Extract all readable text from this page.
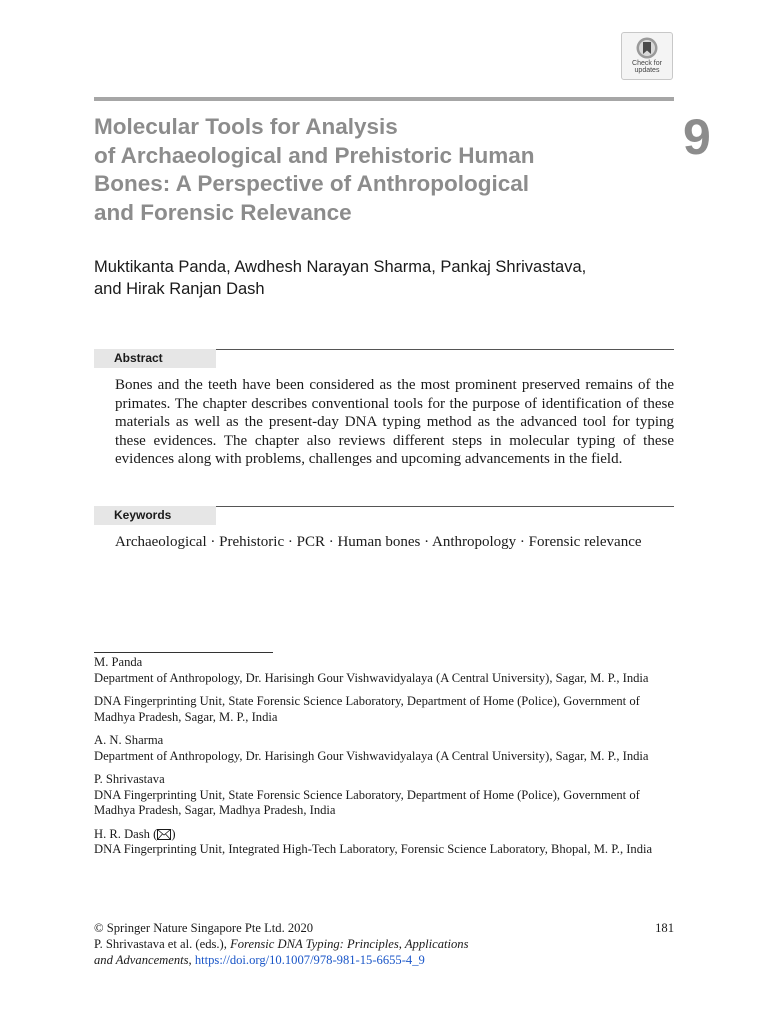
Check for
updates
Molecular Tools for Analysis
of Archaeological and Prehistoric Human
Bones: A Perspective of Anthropological
and Forensic Relevance
9

Muktikanta Panda, Awdhesh Narayan Sharma, Pankaj Shrivastava,
and Hirak Ranjan Dash

Abstract

Bones and the teeth have been considered as the most prominent preserved remains of the primates. The chapter describes conventional tools for the purpose of identification of these materials as well as the present-day DNA typing method as the advanced tool for typing these evidences. The chapter also reviews different steps in molecular typing of these evidences along with problems, challenges and upcoming advancements in the field.

Keywords

Archaeological · Prehistoric · PCR · Human bones · Anthropology · Forensic relevance

M. Panda
Department of Anthropology, Dr. Harisingh Gour Vishwavidyalaya (A Central University), Sagar, M. P., India
DNA Fingerprinting Unit, State Forensic Science Laboratory, Department of Home (Police), Government of Madhya Pradesh, Sagar, M. P., India
A. N. Sharma
Department of Anthropology, Dr. Harisingh Gour Vishwavidyalaya (A Central University), Sagar, M. P., India
P. Shrivastava
DNA Fingerprinting Unit, State Forensic Science Laboratory, Department of Home (Police), Government of Madhya Pradesh, Sagar, Madhya Pradesh, India
H. R. Dash ( )
DNA Fingerprinting Unit, Integrated High-Tech Laboratory, Forensic Science Laboratory, Bhopal, M. P., India
© Springer Nature Singapore Pte Ltd. 2020	181
P. Shrivastava et al. (eds.), Forensic DNA Typing: Principles, Applications
and Advancements, https://doi.org/10.1007/978-981-15-6655-4_9
